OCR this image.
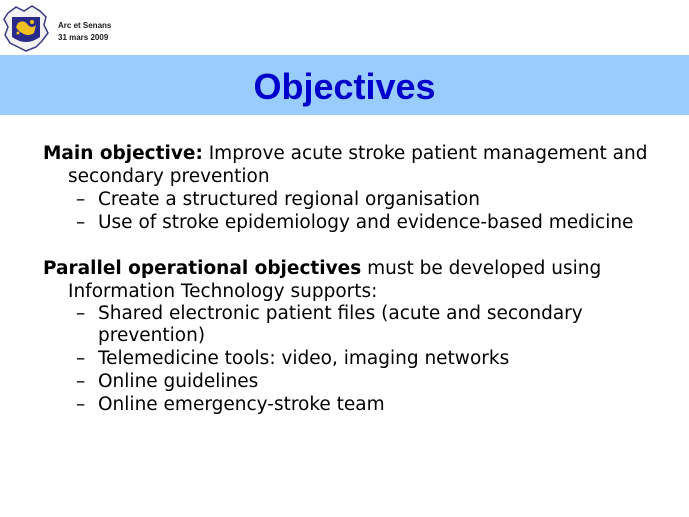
Arc et Senans
31 mars 2009
Objectives
Main objective: Improve acute stroke patient management and secondary prevention
– Create a structured regional organisation
– Use of stroke epidemiology and evidence-based medicine
Parallel operational objectives must be developed using Information Technology supports:
– Shared electronic patient files (acute and secondary prevention)
– Telemedicine tools: video, imaging networks
– Online guidelines
– Online emergency-stroke team
